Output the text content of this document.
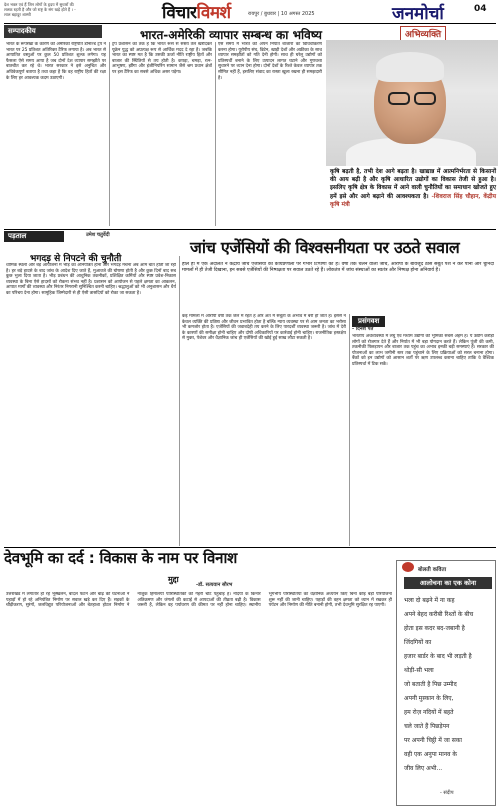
देश भक्त एवं हैं जिन लोगों के हृदय में सुधारों की ललक रहती है और जो राष्ट्र के संग खड़े होते हैं । - लाल बहादुर शास्त्री	विचारविमर्श	रायपुर / बुधवार | 10 अगस्त 2025	जनमोर्चा	04
सम्पादकीय	भारत-अमेरिकी व्यापार सम्बन्ध का भविष्य	अभिव्यक्ति

भारत के रूपरेखा के कारण को अमेरिकी राष्ट्रपति डोनाल्ड ट्रंप ने भारत पर 25 प्रतिशत अतिरिक्त टैरिफ लगाया है। अब भारत से आयातित वस्तुओं पर कुल 50 प्रतिशत शुल्क लगेगा। यह फैसला ऐसे समय आया है जब दोनों देश व्यापार समझौते पर बातचीत कर रहे थे। भारत सरकार ने इसे अनुचित और अविवेकपूर्ण बताया है तथा कहा है कि वह राष्ट्रीय हितों की रक्षा के लिए हर आवश्यक कदम उठाएगी।

ट्रंप प्रशासन का तर्क है कि भारत रूस से सस्ता तेल खरीदकर यूक्रेन युद्ध को अप्रत्यक्ष रूप से आर्थिक मदद दे रहा है। जबकि भारत का स्पष्ट मत है कि उसकी ऊर्जा नीति राष्ट्रीय हितों और बाजार की स्थितियों से तय होती है। कपड़ा, चमड़ा, रत्न-आभूषण, झींगा और इंजीनियरिंग सामान जैसे श्रम प्रधान क्षेत्रों पर इस टैरिफ का सबसे अधिक असर पड़ेगा।

ऐसे समय में भारत को अपने निर्यात बाजारों का विविधीकरण करना होगा। यूरोपीय संघ, ब्रिटेन, खाड़ी देशों और अफ्रीका के साथ व्यापार समझौतों को गति देनी होगी। साथ ही घरेलू उद्योगों को प्रतिस्पर्धी बनाने के लिए उत्पादन लागत घटाने और गुणवत्ता सुधारने पर ध्यान देना होगा। दोनों देशों के रिश्ते केवल व्यापार तक सीमित नहीं हैं, इसलिए संवाद का रास्ता खुला रखना ही समझदारी है।

कृषि बढ़ती है, तभी देश आगे बढ़ता है। खाद्यान्न में आत्मनिर्भरता से किसानों की आय बढ़ी है और कृषि आधारित उद्योगों का विकास तेजी से हुआ है। इसलिए कृषि क्षेत्र के विकास में आने वाली चुनौतियों का समाधान खोजते हुए हमें इसे और आगे बढ़ाने की आवश्यकता है। -शिवराज सिंह चौहान, केंद्रीय कृषि मंत्री
पड़ताल	उमेश चतुर्वेदी
जांच एजेंसियों की विश्वसनीयता पर उठते सवाल
भगदड़ से निपटने की चुनौती

धार्मिक स्थलों और बड़े आयोजनों में भीड़ का अनियंत्रित होना और भगदड़ मचना अब आम बात होती जा रही है। हर बड़े हादसे के बाद जांच के आदेश दिए जाते हैं, मुआवजे की घोषणा होती है और कुछ दिनों बाद सब कुछ भुला दिया जाता है। भीड़ प्रबंधन की आधुनिक तकनीकों, प्रशिक्षित कर्मियों और स्पष्ट प्रवेश-निकास व्यवस्था के बिना ऐसे हादसों को रोकना संभव नहीं है। प्रशासन को आयोजन से पहले क्षमता का आकलन, आपात मार्गों की व्यवस्था और निरंतर निगरानी सुनिश्चित करनी चाहिए। श्रद्धालुओं को भी अनुशासन और धैर्य का परिचय देना होगा। सामूहिक जिम्मेदारी से ही ऐसी त्रासदियों को रोका जा सकता है।

हाल ही में एक अदालत ने केंद्रीय जांच एजेंसियों की कार्यप्रणाली पर गंभीर टिप्पणी की है। वर्षों तक चलने वाली जांच, आरोपों के बावजूद ठोस सबूत पेश न कर पाना और चुनिंदा मामलों में ही तेजी दिखाना, इन सबसे एजेंसियों की निष्पक्षता पर सवाल उठते रहे हैं। लोकतंत्र में जांच संस्थाओं का स्वतंत्र और निष्पक्ष होना अनिवार्य है।

कई मामलों में आरोपी वर्षों तक जेल में रहते हैं और अंत में सबूतों के अभाव में बरी हो जाते हैं। इससे न केवल व्यक्ति की प्रतिष्ठा और जीवन प्रभावित होता है बल्कि न्याय व्यवस्था पर से आम जनता का भरोसा भी कमजोर होता है। एजेंसियों की जवाबदेही तय करने के लिए पारदर्शी व्यवस्था जरूरी है। जांच में देरी के कारणों की समीक्षा होनी चाहिए और दोषी अधिकारियों पर कार्रवाई होनी चाहिए। राजनीतिक हस्तक्षेप से मुक्त, पेशेवर और वैज्ञानिक जांच ही एजेंसियों की खोई हुई साख लौटा सकती है।

प्रसंगवश
- दिनेश पंत

भारतीय अर्थव्यवस्था में लघु एवं मध्यम उद्योगों की भूमिका सबसे अहम है। ये उद्योग करोड़ों लोगों को रोजगार देते हैं और निर्यात में भी बड़ा योगदान करते हैं। लेकिन पूंजी की कमी, तकनीकी पिछड़ापन और बाजार तक पहुंच का अभाव इनकी बड़ी समस्याएं हैं। सरकार की योजनाओं का लाभ जमीनी स्तर तक पहुंचाने के लिए प्रक्रियाओं को सरल बनाना होगा। बैंकों को इन उद्योगों को आसान शर्तों पर ऋण उपलब्ध कराना चाहिए ताकि वे वैश्विक प्रतिस्पर्धा में टिक सकें।

देवभूमि का दर्द : विकास के नाम पर विनाश
मुद्दा
-डॉ. सत्यवान सौरभ

उत्तराखंड में लगातार हो रहे भूस्खलन, बादल फटने और बाढ़ की घटनाओं ने पहाड़ों में हो रहे अनियंत्रित निर्माण पर सवाल खड़े कर दिए हैं। सड़कों के चौड़ीकरण, सुरंगों, जलविद्युत परियोजनाओं और बेतहाशा होटल निर्माण ने नाजुक हिमालयी पारिस्थितिकी को गहरी चोट पहुंचाई है। नदियों के किनारे अतिक्रमण और जंगलों की कटाई से आपदाओं की तीव्रता बढ़ी है। विकास जरूरी है, लेकिन वह पर्यावरण की कीमत पर नहीं होना चाहिए। स्थानीय भूगर्भीय परिस्थितियों का वैज्ञानिक अध्ययन किए बिना कोई बड़ी परियोजना शुरू नहीं की जानी चाहिए। पहाड़ों की वहन क्षमता को ध्यान में रखकर ही पर्यटन और निर्माण की नीति बनानी होगी, तभी देवभूमि सुरक्षित रह पाएगी।

बोलती कविता
आलोचना का एक कोना
भला दो बढ़ने में ना कह
अपने बेहद करीबी रिश्तों के बीच
होता इस कदर बद-जबानी है
जिंदगियों का
हजार बार्डर के बाद भी लड़ती है
थोड़ी-सी भला
जो बताती है पिछ उम्मीद
अपनी मुस्कान के लिए,
हम रोज़ नदियों में बहते
चले जाते हैं पिछड़ेपन
पर अपनी चिट्ठी में जा सका
वही एक अनुपा मानव के
जीव लिए अभी...
- संदीप
